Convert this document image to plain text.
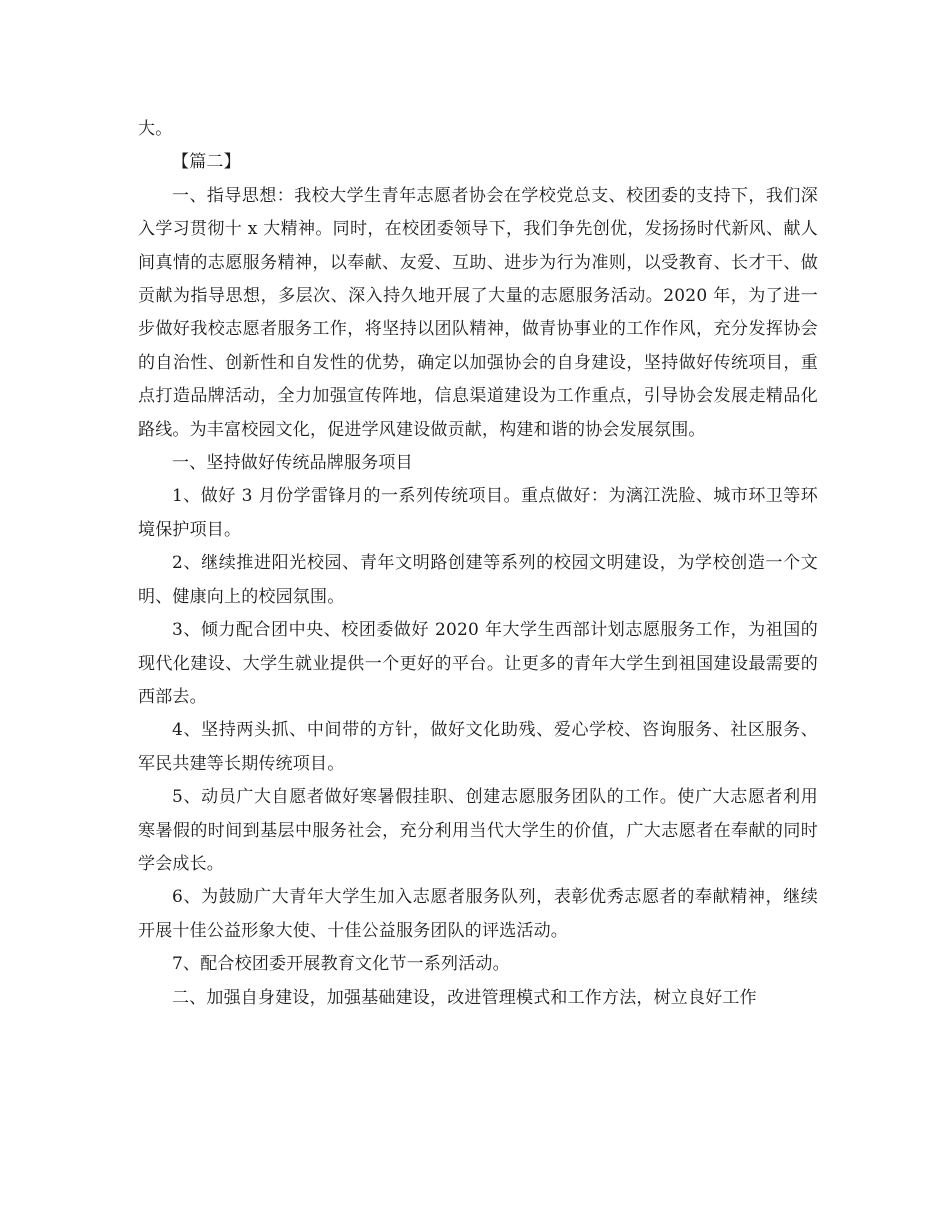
大。

【篇二】

一、指导思想：我校大学生青年志愿者协会在学校党总支、校团委的支持下，我们深入学习贯彻十 x 大精神。同时，在校团委领导下，我们争先创优，发扬扬时代新风、献人间真情的志愿服务精神，以奉献、友爱、互助、进步为行为准则，以受教育、长才干、做贡献为指导思想，多层次、深入持久地开展了大量的志愿服务活动。2020 年，为了进一步做好我校志愿者服务工作，将坚持以团队精神，做青协事业的工作作风，充分发挥协会的自治性、创新性和自发性的优势，确定以加强协会的自身建设，坚持做好传统项目，重点打造品牌活动，全力加强宣传阵地，信息渠道建设为工作重点，引导协会发展走精品化路线。为丰富校园文化，促进学风建设做贡献，构建和谐的协会发展氛围。

一、坚持做好传统品牌服务项目

1、做好 3 月份学雷锋月的一系列传统项目。重点做好：为漓江洗脸、城市环卫等环境保护项目。

2、继续推进阳光校园、青年文明路创建等系列的校园文明建设，为学校创造一个文明、健康向上的校园氛围。

3、倾力配合团中央、校团委做好 2020 年大学生西部计划志愿服务工作，为祖国的现代化建设、大学生就业提供一个更好的平台。让更多的青年大学生到祖国建设最需要的西部去。

4、坚持两头抓、中间带的方针，做好文化助残、爱心学校、咨询服务、社区服务、军民共建等长期传统项目。

5、动员广大自愿者做好寒暑假挂职、创建志愿服务团队的工作。使广大志愿者利用寒暑假的时间到基层中服务社会，充分利用当代大学生的价值，广大志愿者在奉献的同时学会成长。

6、为鼓励广大青年大学生加入志愿者服务队列，表彰优秀志愿者的奉献精神，继续开展十佳公益形象大使、十佳公益服务团队的评选活动。

7、配合校团委开展教育文化节一系列活动。

二、加强自身建设，加强基础建设，改进管理模式和工作方法，树立良好工作
